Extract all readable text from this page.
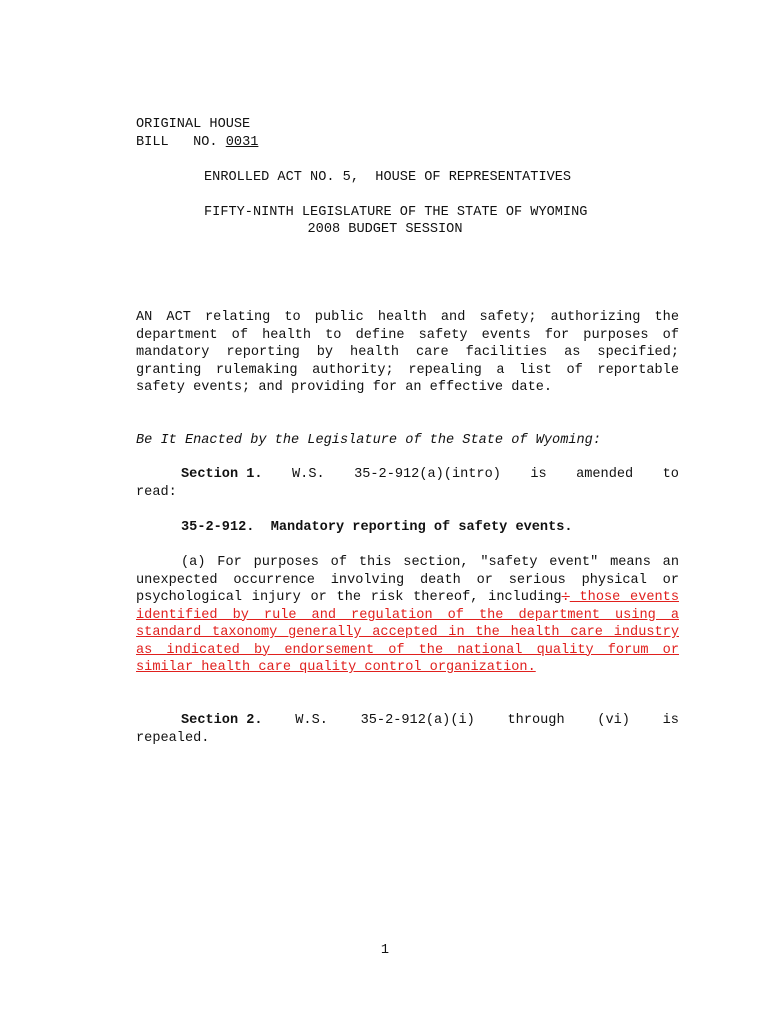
ORIGINAL HOUSE
BILL   NO. 0031
ENROLLED ACT NO. 5,  HOUSE OF REPRESENTATIVES
FIFTY-NINTH LEGISLATURE OF THE STATE OF WYOMING
2008 BUDGET SESSION
AN ACT relating to public health and safety; authorizing the department of health to define safety events for purposes of mandatory reporting by health care facilities as specified; granting rulemaking authority; repealing a list of reportable safety events; and providing for an effective date.
Be It Enacted by the Legislature of the State of Wyoming:
Section 1. W.S. 35-2-912(a)(intro) is amended to
read:
35-2-912.  Mandatory reporting of safety events.
(a) For purposes of this section, "safety event" means an unexpected occurrence involving death or serious physical or psychological injury or the risk thereof, including: those events identified by rule and regulation of the department using a standard taxonomy generally accepted in the health care industry as indicated by endorsement of the national quality forum or similar health care quality control organization.
Section 2. W.S. 35-2-912(a)(i) through (vi) is
repealed.
1
